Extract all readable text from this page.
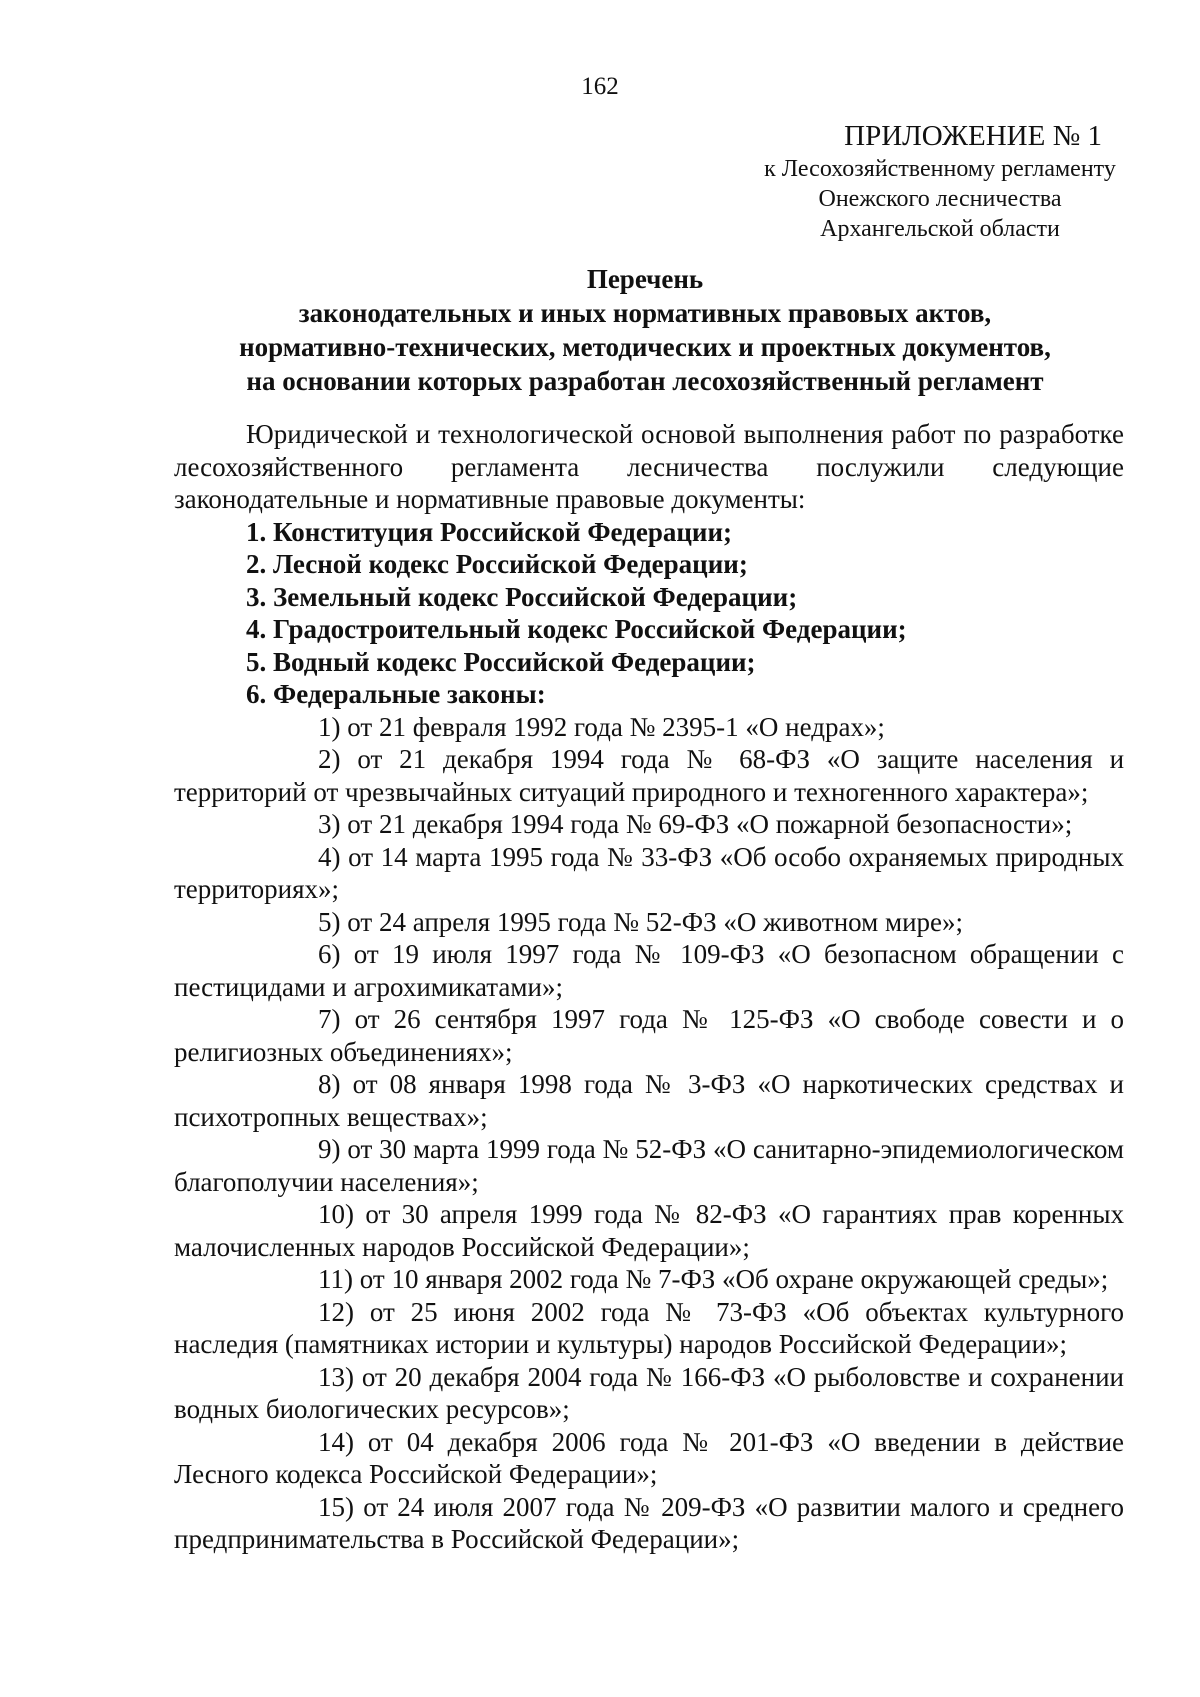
162
ПРИЛОЖЕНИЕ № 1
к Лесохозяйственному регламенту
Онежского лесничества
Архангельской области
Перечень
законодательных и иных нормативных правовых актов,
нормативно-технических, методических и проектных документов,
на основании которых разработан лесохозяйственный регламент

Юридической и технологической основой выполнения работ по разработке лесохозяйственного регламента лесничества послужили следующие законодательные и нормативные правовые документы:

1. Конституция Российской Федерации;

2. Лесной кодекс Российской Федерации;

3. Земельный кодекс Российской Федерации;

4. Градостроительный кодекс Российской Федерации;

5. Водный кодекс Российской Федерации;

6. Федеральные законы:

1) от 21 февраля 1992 года № 2395-1 «О недрах»;

2) от 21 декабря 1994 года № 68-ФЗ «О защите населения и территорий от чрезвычайных ситуаций природного и техногенного характера»;

3) от 21 декабря 1994 года № 69-ФЗ «О пожарной безопасности»;

4) от 14 марта 1995 года № 33-ФЗ «Об особо охраняемых природных территориях»;

5) от 24 апреля 1995 года № 52-ФЗ «О животном мире»;

6) от 19 июля 1997 года № 109-ФЗ «О безопасном обращении с пестицидами и агрохимикатами»;

7) от 26 сентября 1997 года № 125-ФЗ «О свободе совести и о религиозных объединениях»;

8) от 08 января 1998 года № 3-ФЗ «О наркотических средствах и психотропных веществах»;

9) от 30 марта 1999 года № 52-ФЗ «О санитарно-эпидемиологическом благополучии населения»;

10) от 30 апреля 1999 года № 82-ФЗ «О гарантиях прав коренных малочисленных народов Российской Федерации»;

11) от 10 января 2002 года № 7-ФЗ «Об охране окружающей среды»;

12) от 25 июня 2002 года № 73-ФЗ «Об объектах культурного наследия (памятниках истории и культуры) народов Российской Федерации»;

13) от 20 декабря 2004 года № 166-ФЗ «О рыболовстве и сохранении водных биологических ресурсов»;

14) от 04 декабря 2006 года № 201-ФЗ «О введении в действие Лесного кодекса Российской Федерации»;

15) от 24 июля 2007 года № 209-ФЗ «О развитии малого и среднего предпринимательства в Российской Федерации»;
